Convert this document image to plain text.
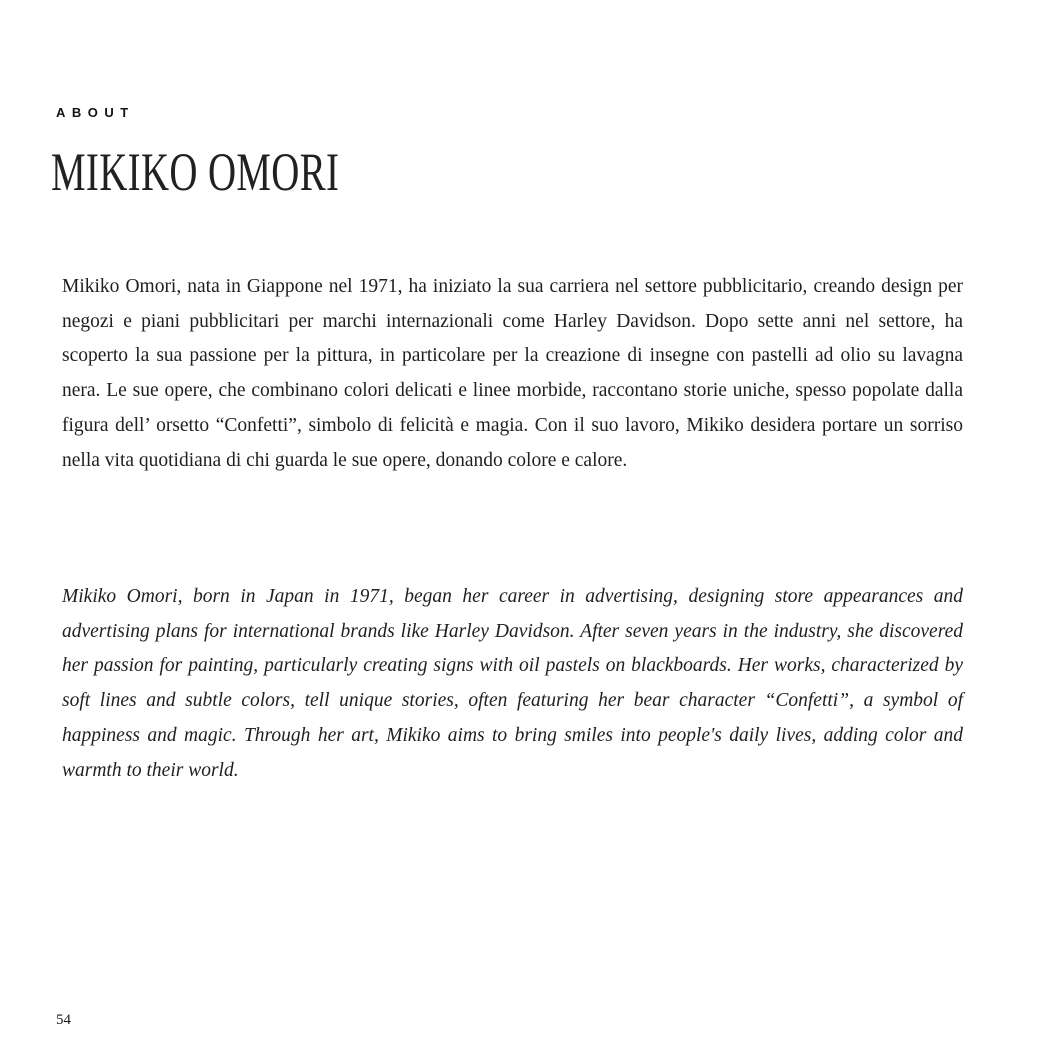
ABOUT
MIKIKO OMORI

Mikiko Omori, nata in Giappone nel 1971, ha iniziato la sua carriera nel settore pubblicitario, creando design per negozi e piani pubblicitari per marchi internazionali come Harley Davidson. Dopo sette anni nel settore, ha scoperto la sua passione per la pittura, in particolare per la creazione di insegne con pastelli ad olio su lavagna nera. Le sue opere, che combinano colori delicati e linee morbide, raccontano storie uniche, spesso popolate dalla figura dell’ orsetto “Confetti”, simbolo di felicità e magia. Con il suo lavoro, Mikiko desidera portare un sorriso nella vita quotidiana di chi guarda le sue opere, donando colore e calore.

Mikiko Omori, born in Japan in 1971, began her career in advertising, designing store appearances and advertising plans for international brands like Harley Davidson. After seven years in the industry, she discovered her passion for painting, particularly creating signs with oil pastels on blackboards. Her works, characterized by soft lines and subtle colors, tell unique stories, often featuring her bear character “Confetti”, a symbol of happiness and magic. Through her art, Mikiko aims to bring smiles into people's daily lives, adding color and warmth to their world.

54
